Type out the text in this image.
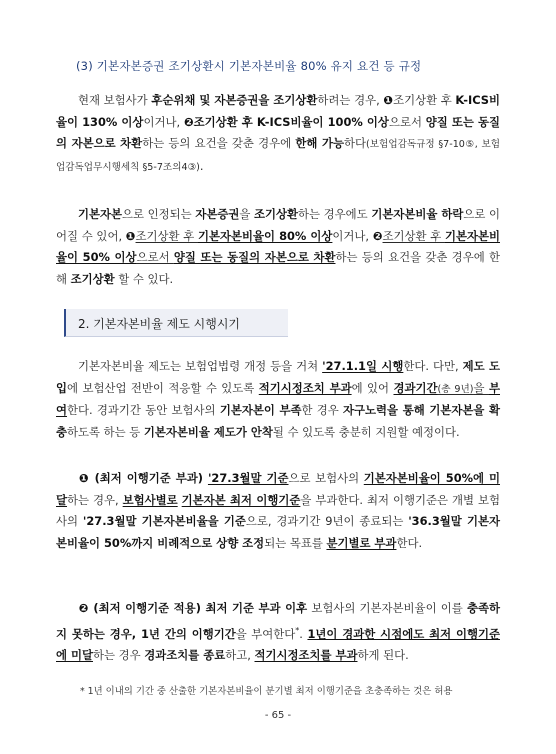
(3) 기본자본증권 조기상환시 기본자본비율 80% 유지 요건 등 규정
현재 보험사가 후순위채 및 자본증권을 조기상환하려는 경우, ❶조기상환 후 K-ICS비율이 130% 이상이거나, ❷조기상환 후 K-ICS비율이 100% 이상으로서 양질 또는 동질의 자본으로 차환하는 등의 요건을 갖춘 경우에 한해 가능하다(보험업감독규정 §7-10⑤, 보험업감독업무시행세칙 §5-7조의4③).
기본자본으로 인정되는 자본증권을 조기상환하는 경우에도 기본자본비율 하락으로 이어질 수 있어, ❶조기상환 후 기본자본비율이 80% 이상이거나, ❷조기상환 후 기본자본비율이 50% 이상으로서 양질 또는 동질의 자본으로 차환하는 등의 요건을 갖춘 경우에 한해 조기상환 할 수 있다.
2. 기본자본비율 제도 시행시기
기본자본비율 제도는 보험업법령 개정 등을 거쳐 '27.1.1일 시행한다. 다만, 제도 도입에 보험산업 전반이 적응할 수 있도록 적기시정조치 부과에 있어 경과기간(총 9년)을 부여한다. 경과기간 동안 보험사의 기본자본이 부족한 경우 자구노력을 통해 기본자본을 확충하도록 하는 등 기본자본비율 제도가 안착될 수 있도록 충분히 지원할 예정이다.
❶ (최저 이행기준 부과) '27.3월말 기준으로 보험사의 기본자본비율이 50%에 미달하는 경우, 보험사별로 기본자본 최저 이행기준을 부과한다. 최저 이행기준은 개별 보험사의 '27.3월말 기본자본비율을 기준으로, 경과기간 9년이 종료되는 '36.3월말 기본자본비율이 50%까지 비례적으로 상향 조정되는 목표를 분기별로 부과한다.
❷ (최저 이행기준 적용) 최저 기준 부과 이후 보험사의 기본자본비율이 이를 충족하지 못하는 경우, 1년 간의 이행기간을 부여한다*. 1년이 경과한 시점에도 최저 이행기준에 미달하는 경우 경과조치를 종료하고, 적기시정조치를 부과하게 된다.
* 1년 이내의 기간 중 산출한 기본자본비율이 분기별 최저 이행기준을 초충족하는 것은 허용
- 65 -
